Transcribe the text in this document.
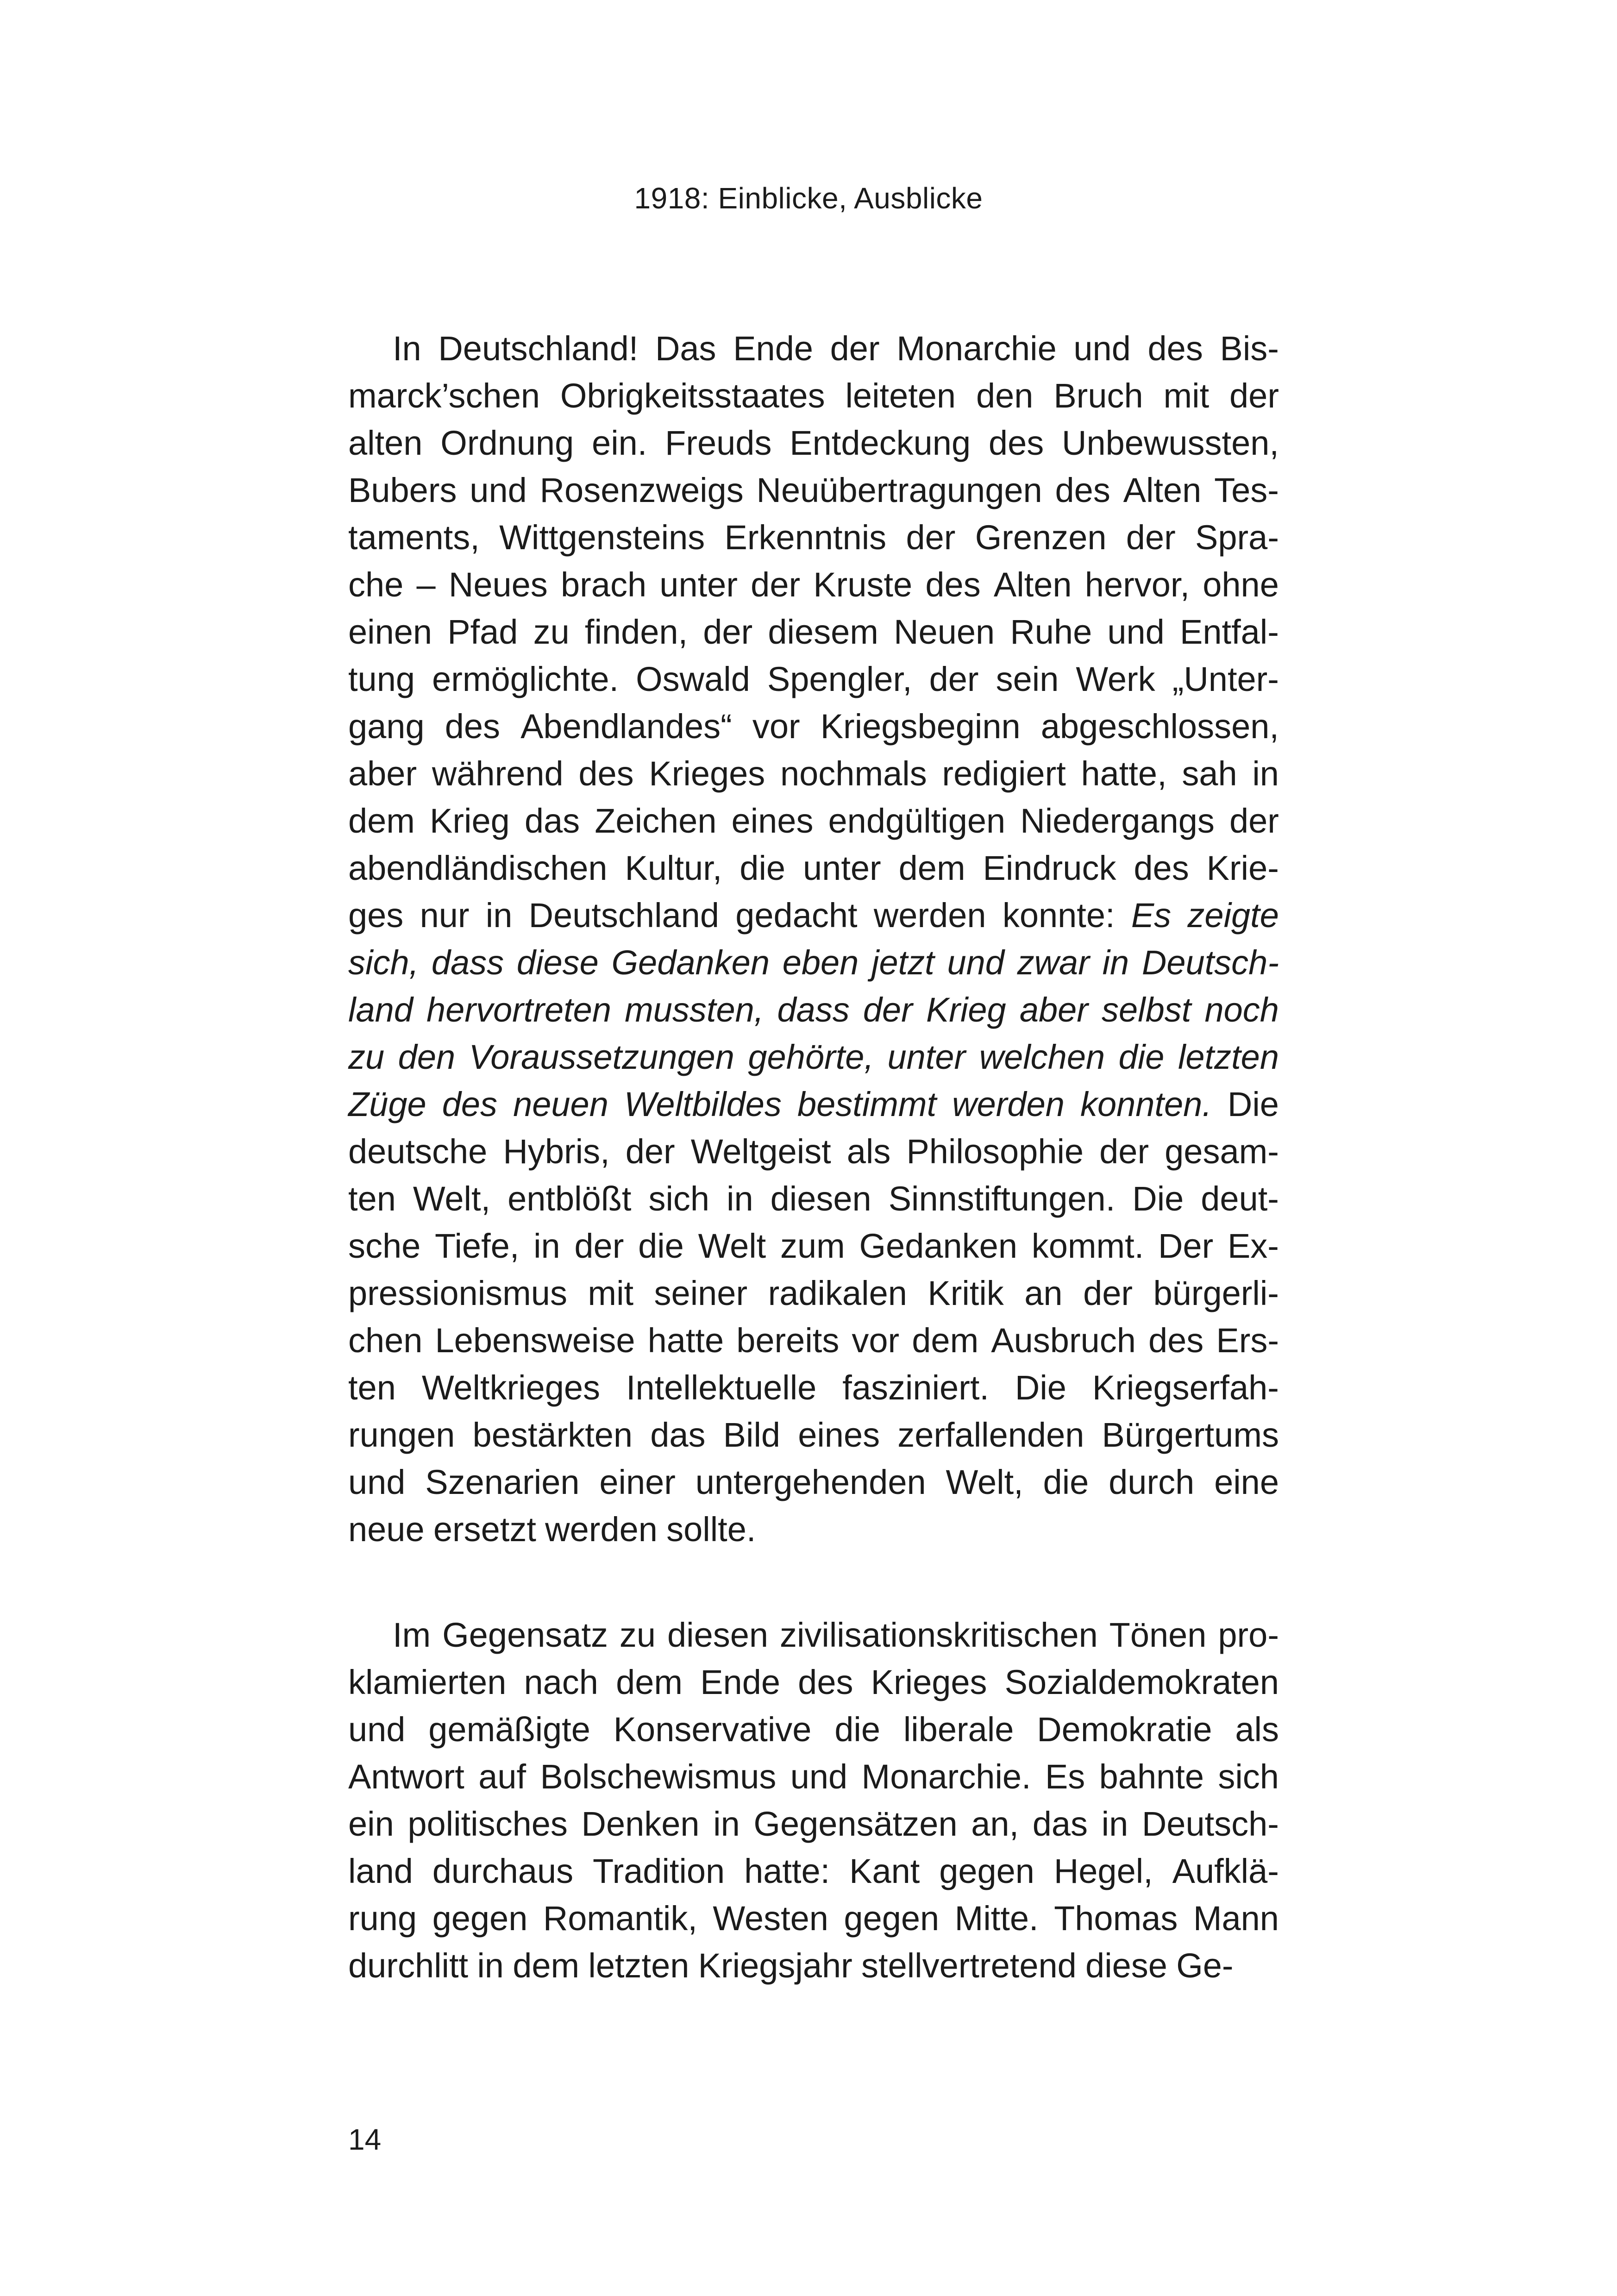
1918: Einblicke, Ausblicke
In Deutschland! Das Ende der Monarchie und des Bis-
marck’schen Obrigkeitsstaates leiteten den Bruch mit der
alten Ordnung ein. Freuds Entdeckung des Unbewussten,
Bubers und Rosenzweigs Neuübertragungen des Alten Tes-
taments, Wittgensteins Erkenntnis der Grenzen der Spra-
che – Neues brach unter der Kruste des Alten hervor, ohne
einen Pfad zu finden, der diesem Neuen Ruhe und Entfal-
tung ermöglichte. Oswald Spengler, der sein Werk „Unter-
gang des Abendlandes“ vor Kriegsbeginn abgeschlossen,
aber während des Krieges nochmals redigiert hatte, sah in
dem Krieg das Zeichen eines endgültigen Niedergangs der
abendländischen Kultur, die unter dem Eindruck des Krie-
ges nur in Deutschland gedacht werden konnte: Es zeigte
sich, dass diese Gedanken eben jetzt und zwar in Deutsch-
land hervortreten mussten, dass der Krieg aber selbst noch
zu den Voraussetzungen gehörte, unter welchen die letzten
Züge des neuen Weltbildes bestimmt werden konnten. Die
deutsche Hybris, der Weltgeist als Philosophie der gesam-
ten Welt, entblößt sich in diesen Sinnstiftungen. Die deut-
sche Tiefe, in der die Welt zum Gedanken kommt. Der Ex-
pressionismus mit seiner radikalen Kritik an der bürgerli-
chen Lebensweise hatte bereits vor dem Ausbruch des Ers-
ten Weltkrieges Intellektuelle fasziniert. Die Kriegserfah-
rungen bestärkten das Bild eines zerfallenden Bürgertums
und Szenarien einer untergehenden Welt, die durch eine
neue ersetzt werden sollte.
Im Gegensatz zu diesen zivilisationskritischen Tönen pro-
klamierten nach dem Ende des Krieges Sozialdemokraten
und gemäßigte Konservative die liberale Demokratie als
Antwort auf Bolschewismus und Monarchie. Es bahnte sich
ein politisches Denken in Gegensätzen an, das in Deutsch-
land durchaus Tradition hatte: Kant gegen Hegel, Aufklä-
rung gegen Romantik, Westen gegen Mitte. Thomas Mann
durchlitt in dem letzten Kriegsjahr stellvertretend diese Ge-
14
